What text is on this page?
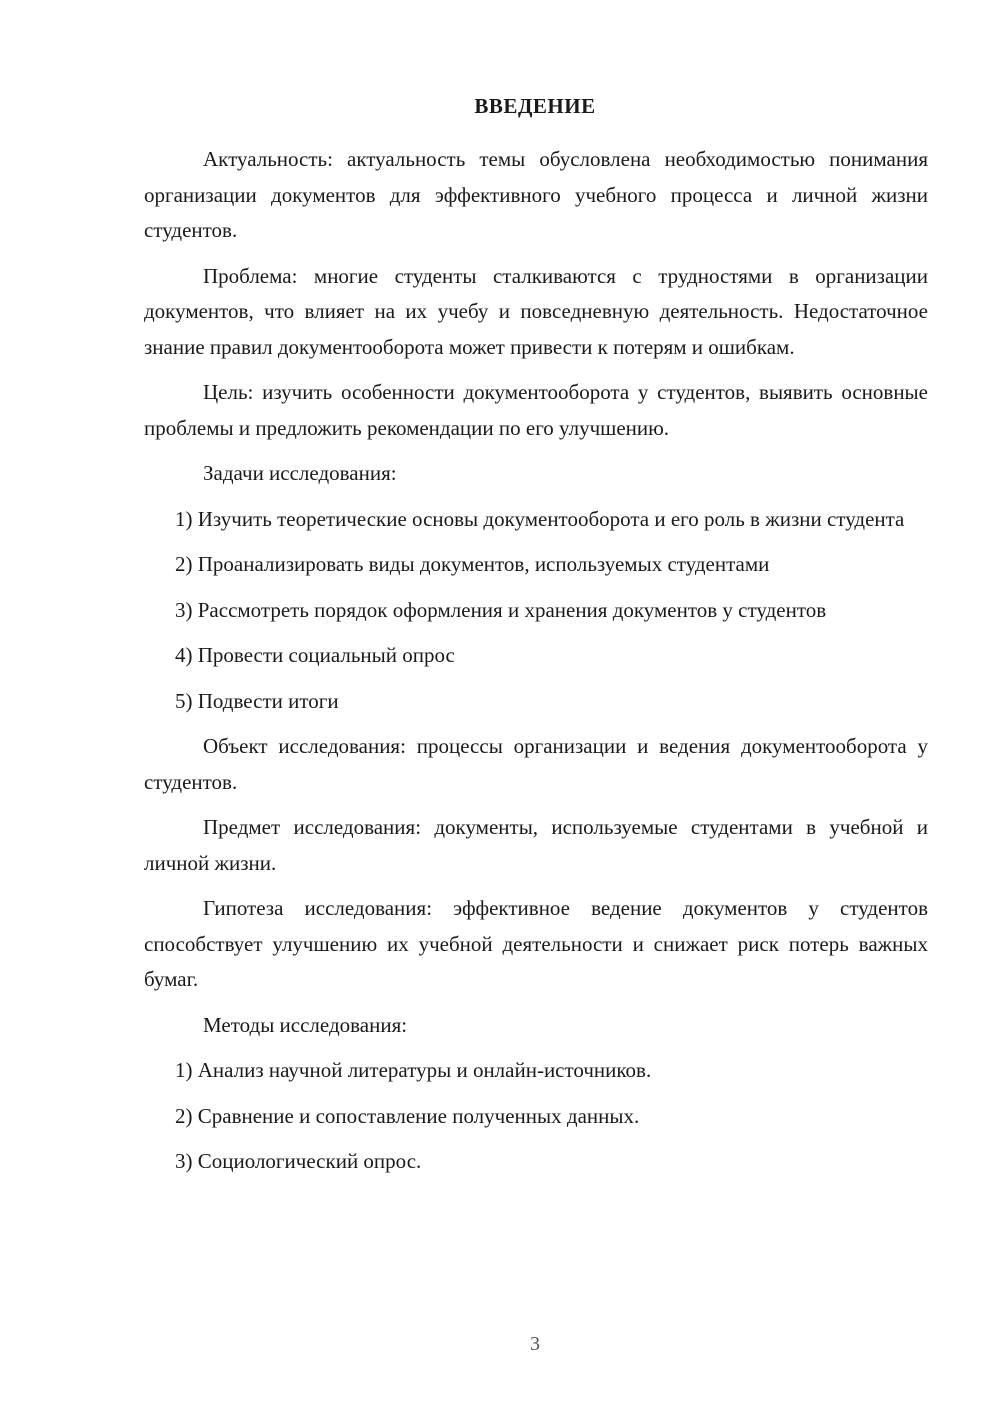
ВВЕДЕНИЕ

Актуальность: актуальность темы обусловлена необходимостью понимания организации документов для эффективного учебного процесса и личной жизни студентов.

Проблема: многие студенты сталкиваются с трудностями в организации документов, что влияет на их учебу и повседневную деятельность. Недостаточное знание правил документооборота может привести к потерям и ошибкам.

Цель: изучить особенности документооборота у студентов, выявить основные проблемы и предложить рекомендации по его улучшению.

Задачи исследования:

1) Изучить теоретические основы документооборота и его роль в жизни студента

2) Проанализировать виды документов, используемых студентами

3) Рассмотреть порядок оформления и хранения документов у студентов

4) Провести социальный опрос

5) Подвести итоги

Объект исследования: процессы организации и ведения документооборота у студентов.

Предмет исследования: документы, используемые студентами в учебной и личной жизни.

Гипотеза исследования: эффективное ведение документов у студентов способствует улучшению их учебной деятельности и снижает риск потерь важных бумаг.

Методы исследования:

1) Анализ научной литературы и онлайн-источников.

2) Сравнение и сопоставление полученных данных.

3) Социологический опрос.

3
